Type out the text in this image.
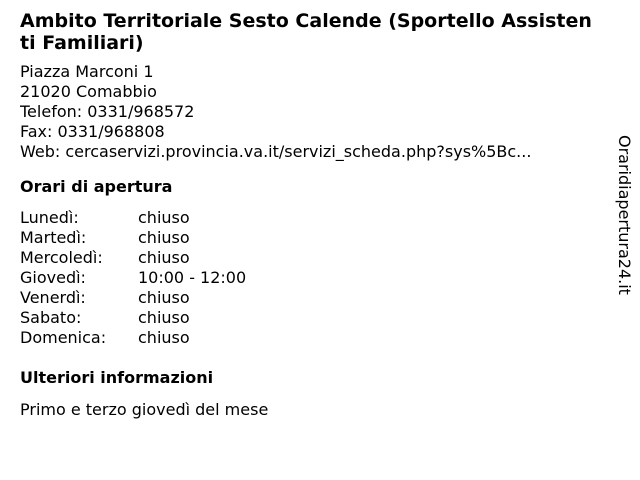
Ambito Territoriale Sesto Calende (Sportello Assistenti Familiari)
Piazza Marconi 1
21020 Comabbio
Telefon: 0331/968572
Fax: 0331/968808
Web: cercaservizi.provincia.va.it/servizi_scheda.php?sys%5Bc...
Orari di apertura
Lunedì:	chiuso
Martedì:	chiuso
Mercoledì:	chiuso
Giovedì:	10:00 - 12:00
Venerdì:	chiuso
Sabato:	chiuso
Domenica:	chiuso
Ulteriori informazioni
Primo e terzo giovedì del mese
Oraridiapertura24.it
